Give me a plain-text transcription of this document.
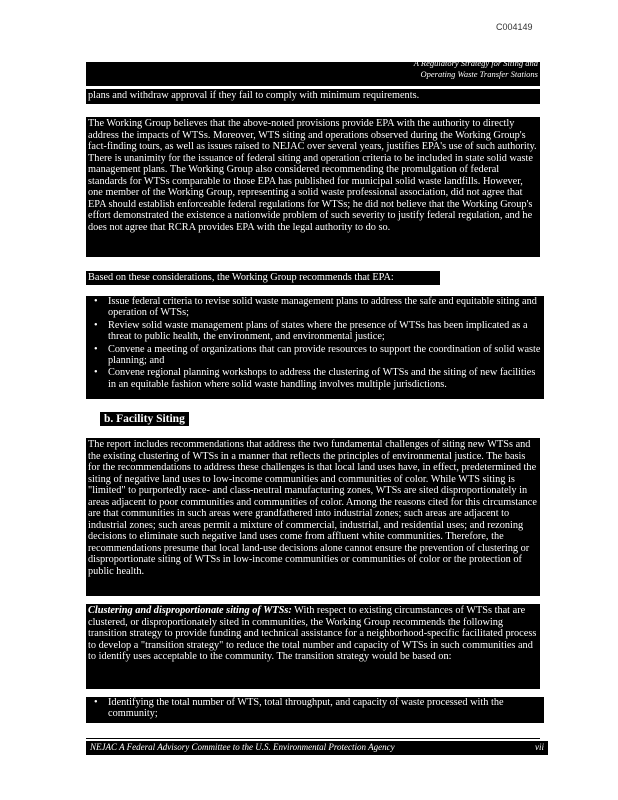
C004149
A Regulatory Strategy for Siting and
Operating Waste Transfer Stations
plans and withdraw approval if they fail to comply with minimum requirements.
The Working Group believes that the above-noted provisions provide EPA with the authority to directly address the impacts of WTSs. Moreover, WTS siting and operations observed during the Working Group's fact-finding tours, as well as issues raised to NEJAC over several years, justifies EPA's use of such authority. There is unanimity for the issuance of federal siting and operation criteria to be included in state solid waste management plans. The Working Group also considered recommending the promulgation of federal standards for WTSs comparable to those EPA has published for municipal solid waste landfills. However, one member of the Working Group, representing a solid waste professional association, did not agree that EPA should establish enforceable federal regulations for WTSs; he did not believe that the Working Group's effort demonstrated the existence a nationwide problem of such severity to justify federal regulation, and he does not agree that RCRA provides EPA with the legal authority to do so.
Based on these considerations, the Working Group recommends that EPA:
• Issue federal criteria to revise solid waste management plans to address the safe and equitable siting and operation of WTSs;
• Review solid waste management plans of states where the presence of WTSs has been implicated as a threat to public health, the environment, and environmental justice;
• Convene a meeting of organizations that can provide resources to support the coordination of solid waste planning; and
• Convene regional planning workshops to address the clustering of WTSs and the siting of new facilities in an equitable fashion where solid waste handling involves multiple jurisdictions.
b. Facility Siting
The report includes recommendations that address the two fundamental challenges of siting new WTSs and the existing clustering of WTSs in a manner that reflects the principles of environmental justice. The basis for the recommendations to address these challenges is that local land uses have, in effect, predetermined the siting of negative land uses to low-income communities and communities of color. While WTS siting is "limited" to purportedly race- and class-neutral manufacturing zones, WTSs are sited disproportionately in areas adjacent to poor communities and communities of color. Among the reasons cited for this circumstance are that communities in such areas were grandfathered into industrial zones; such areas are adjacent to industrial zones; such areas permit a mixture of commercial, industrial, and residential uses; and rezoning decisions to eliminate such negative land uses come from affluent white communities. Therefore, the recommendations presume that local land-use decisions alone cannot ensure the prevention of clustering or disproportionate siting of WTSs in low-income communities or communities of color or the protection of public health.
Clustering and disproportionate siting of WTSs: With respect to existing circumstances of WTSs that are clustered, or disproportionately sited in communities, the Working Group recommends the following transition strategy to provide funding and technical assistance for a neighborhood-specific facilitated process to develop a "transition strategy" to reduce the total number and capacity of WTSs in such communities and to identify uses acceptable to the community. The transition strategy would be based on:
• Identifying the total number of WTS, total throughput, and capacity of waste processed with the community;
NEJAC A Federal Advisory Committee to the U.S. Environmental Protection Agency	vii
